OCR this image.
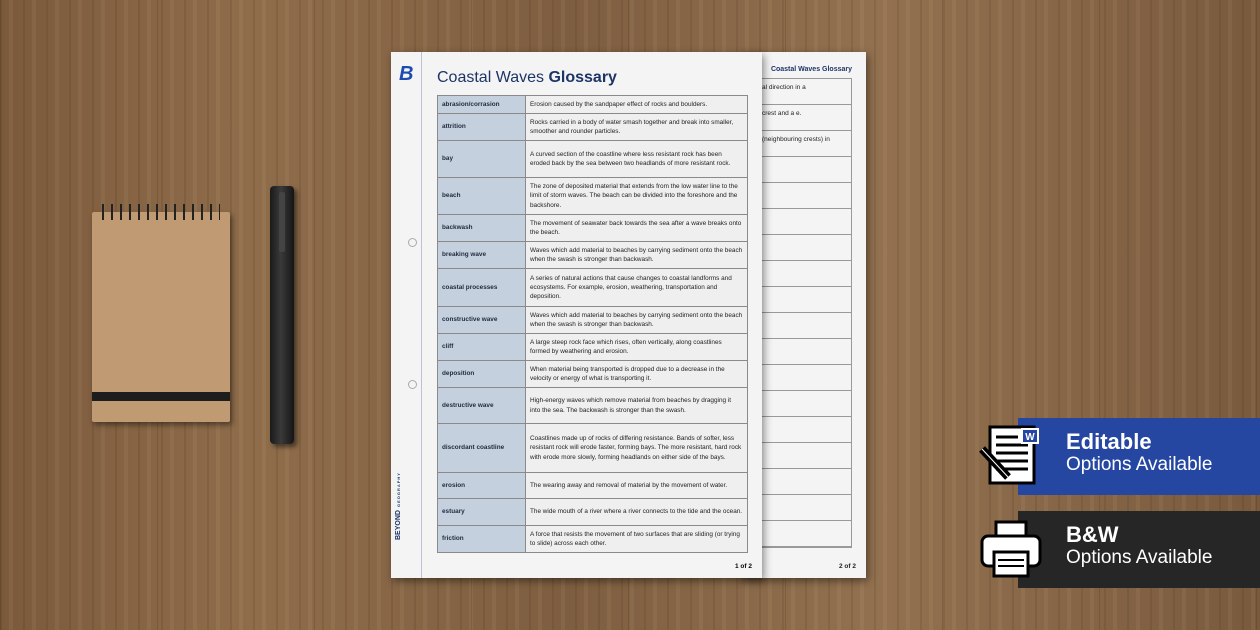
Coastal Waves Glossary
al direction in a
crest and a e.
(neighbouring crests) in
2 of 2
B
BEYONDGEOGRAPHY
Coastal Waves Glossary
abrasion/corrasion	Erosion caused by the sandpaper effect of rocks and boulders.
attrition	Rocks carried in a body of water smash together and break into smaller, smoother and rounder particles.
bay	A curved section of the coastline where less resistant rock has been eroded back by the sea between two headlands of more resistant rock.
beach	The zone of deposited material that extends from the low water line to the limit of storm waves. The beach can be divided into the foreshore and the backshore.
backwash	The movement of seawater back towards the sea after a wave breaks onto the beach.
breaking wave	Waves which add material to beaches by carrying sediment onto the beach when the swash is stronger than backwash.
coastal processes	A series of natural actions that cause changes to coastal landforms and ecosystems. For example, erosion, weathering, transportation and deposition.
constructive wave	Waves which add material to beaches by carrying sediment onto the beach when the swash is stronger than backwash.
cliff	A large steep rock face which rises, often vertically, along coastlines formed by weathering and erosion.
deposition	When material being transported is dropped due to a decrease in the velocity or energy of what is transporting it.
destructive wave	High-energy waves which remove material from beaches by dragging it into the sea. The backwash is stronger than the swash.
discordant coastline	Coastlines made up of rocks of differing resistance. Bands of softer, less resistant rock will erode faster, forming bays. The more resistant, hard rock with erode more slowly, forming headlands on either side of the bays.
erosion	The wearing away and removal of material by the movement of water.
estuary	The wide mouth of a river where a river connects to the tide and the ocean.
friction	A force that resists the movement of two surfaces that are sliding (or trying to slide) across each other.
1 of 2
W Editable
Options Available
B&W
Options Available
